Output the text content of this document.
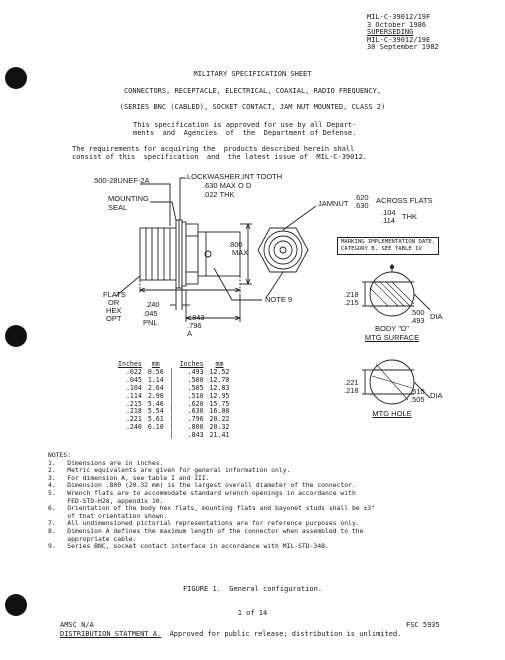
MIL-C-39012/19F
3 October 1986
SUPERSEDING
MIL-C-39012/19E
30 September 1982
MILITARY SPECIFICATION SHEET
CONNECTORS, RECEPTACLE, ELECTRICAL, COAXIAL, RADIO FREQUENCY,
(SERIES BNC (CABLED), SOCKET CONTACT, JAM NUT MOUNTED, CLASS 2)
This specification is approved for use by all Depart-
ments  and  Agencies  of  the  Department of Defense.
The requirements for acquiring the  products described herein shall
consist of this  specification  and  the latest issue of  MIL-C-39012.
.500-28UNEF-2A	LOCKWASHER,INT TOOTH
.630 MAX O D
.022 THK
MOUNTING
SEAL	JAMNUT
.620
.630
ACROSS FLATS
.104
.114 THK
.800
MAX
FLATS
OR
HEX
OPT
.240
.045
PNL
.843
.796
NOTE 9
A
MARKING IMPLEMENTATION DATE,
CATEGORY B, SEE TABLE IV
.218
.215
.500
.493 DIA
BODY "D"
MTG SURFACE
.221
.218	.510
.505 DIA
MTG HOLE
Inches	mm		Inches	mm
.022	0.56	|	.493	12.52
.045	1.14	|	.500	12.70
.104	2.64	|	.505	12.83
.114	2.90	|	.510	12.95
.215	5.46	|	.620	15.75
.218	5.54	|	.630	16.00
.221	5.61	|	.796	20.22
.240	6.10	|	.800	20.32
		|	.843	21.41
NOTES:
1.   Dimensions are in inches.
2.   Metric equivalents are given for general information only.
3.   For dimension A, see table I and III.
4.   Dimension .800 (20.32 mm) is the largest overall diameter of the connector.
5.   Wrench flats are to accommodate standard wrench openings in accordance with
FED-STD-H28, appendix 10.
6.   Orientation of the body hex flats, mounting flats and bayonet studs shall be ±3°
of that orientation shown.
7.   All undimensioned pictorial representations are for reference purposes only.
8.   Dimension A defines the maximum length of the connector when assembled to the
appropriate cable.
9.   Series BNC, socket contact interface in accordance with MIL-STD-348.
FIGURE 1.  General configuration.
1 of 14
AMSC N/A	FSC 5935
DISTRIBUTION STATMENT A. Approved for public release; distribution is unlimited.
